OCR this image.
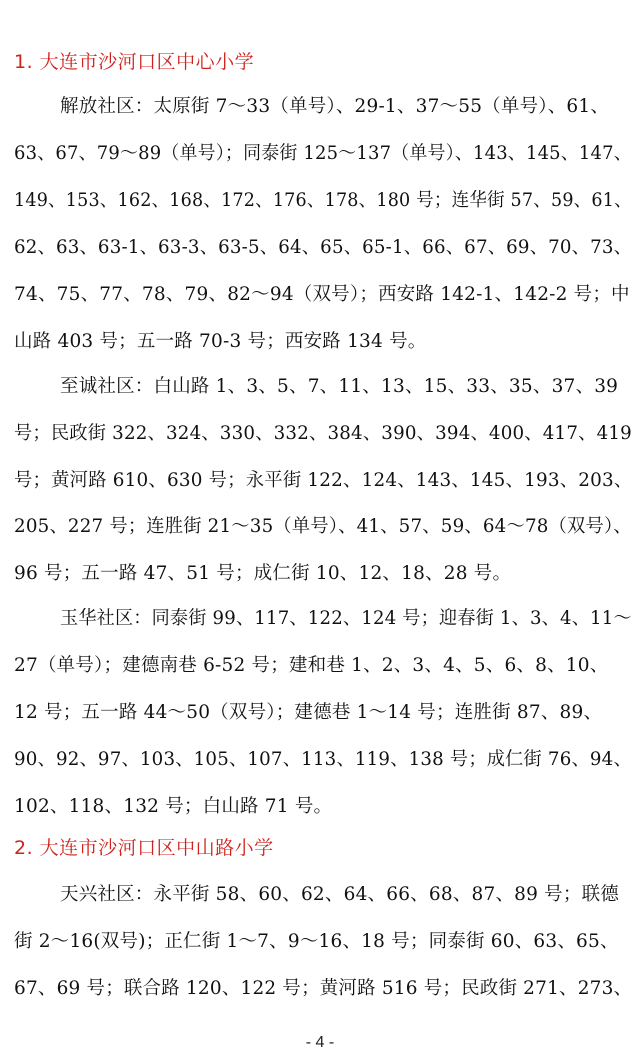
1. 大连市沙河口区中心小学
解放社区：太原街 7～33（单号）、29-1、37～55（单号）、61、
63、67、79～89（单号）；同泰街 125～137（单号）、143、145、147、
149、153、162、168、172、176、178、180 号；连华街 57、59、61、
62、63、63-1、63-3、63-5、64、65、65-1、66、67、69、70、73、
74、75、77、78、79、82～94（双号）；西安路 142-1、142-2 号；中
山路 403 号；五一路 70-3 号；西安路 134 号。
至诚社区：白山路 1、3、5、7、11、13、15、33、35、37、39
号；民政街 322、324、330、332、384、390、394、400、417、419
号；黄河路 610、630 号；永平街 122、124、143、145、193、203、
205、227 号；连胜街 21～35（单号）、41、57、59、64～78（双号）、
96 号；五一路 47、51 号；成仁街 10、12、18、28 号。
玉华社区：同泰街 99、117、122、124 号；迎春街 1、3、4、11～
27（单号）；建德南巷 6-52 号；建和巷 1、2、3、4、5、6、8、10、
12 号；五一路 44～50（双号）；建德巷 1～14 号；连胜街 87、89、
90、92、97、103、105、107、113、119、138 号；成仁街 76、94、
102、118、132 号；白山路 71 号。
2. 大连市沙河口区中山路小学
天兴社区：永平街 58、60、62、64、66、68、87、89 号；联德
街 2～16(双号)；正仁街 1～7、9～16、18 号；同泰街 60、63、65、
67、69 号；联合路 120、122 号；黄河路 516 号；民政街 271、273、
- 4 -
